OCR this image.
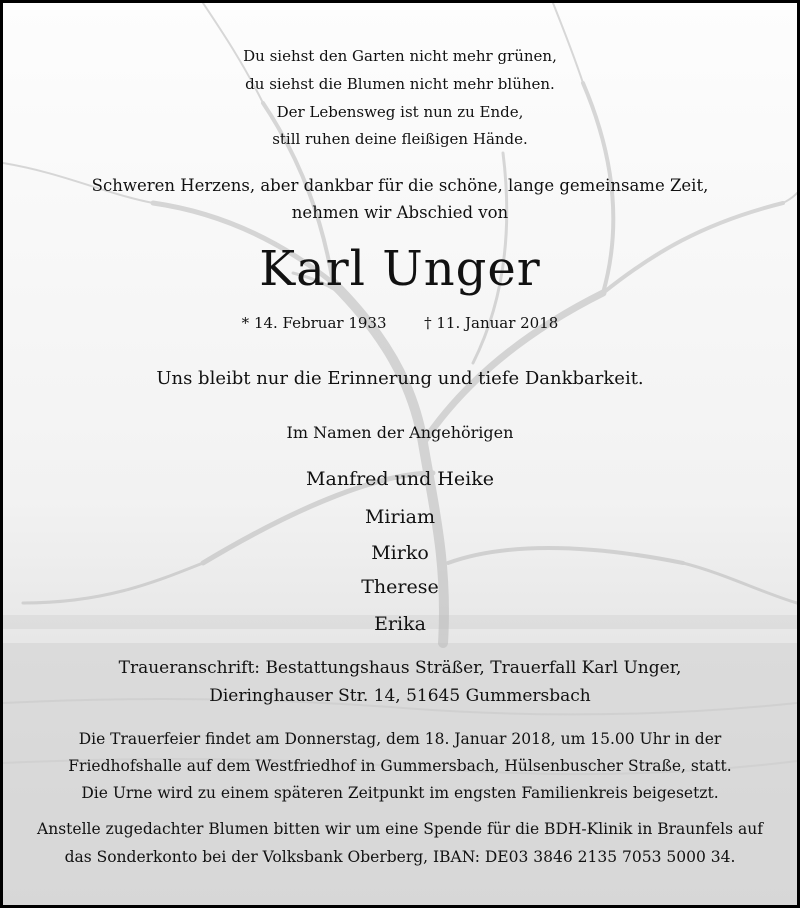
Du siehst den Garten nicht mehr grünen,
du siehst die Blumen nicht mehr blühen.
Der Lebensweg ist nun zu Ende,
still ruhen deine fleißigen Hände.
Schweren Herzens, aber dankbar für die schöne, lange gemeinsame Zeit,
nehmen wir Abschied von
Karl Unger
* 14. Februar 1933	† 11. Januar 2018
Uns bleibt nur die Erinnerung und tiefe Dankbarkeit.
Im Namen der Angehörigen
Manfred und Heike
Miriam
Mirko
Therese
Erika
Traueranschrift: Bestattungshaus Sträßer, Trauerfall Karl Unger,
Dieringhauser Str. 14, 51645 Gummersbach
Die Trauerfeier findet am Donnerstag, dem 18. Januar 2018, um 15.00 Uhr in der
Friedhofshalle auf dem Westfriedhof in Gummersbach, Hülsenbuscher Straße, statt.
Die Urne wird zu einem späteren Zeitpunkt im engsten Familienkreis beigesetzt.
Anstelle zugedachter Blumen bitten wir um eine Spende für die BDH-Klinik in Braunfels auf
das Sonderkonto bei der Volksbank Oberberg, IBAN: DE03 3846 2135 7053 5000 34.
